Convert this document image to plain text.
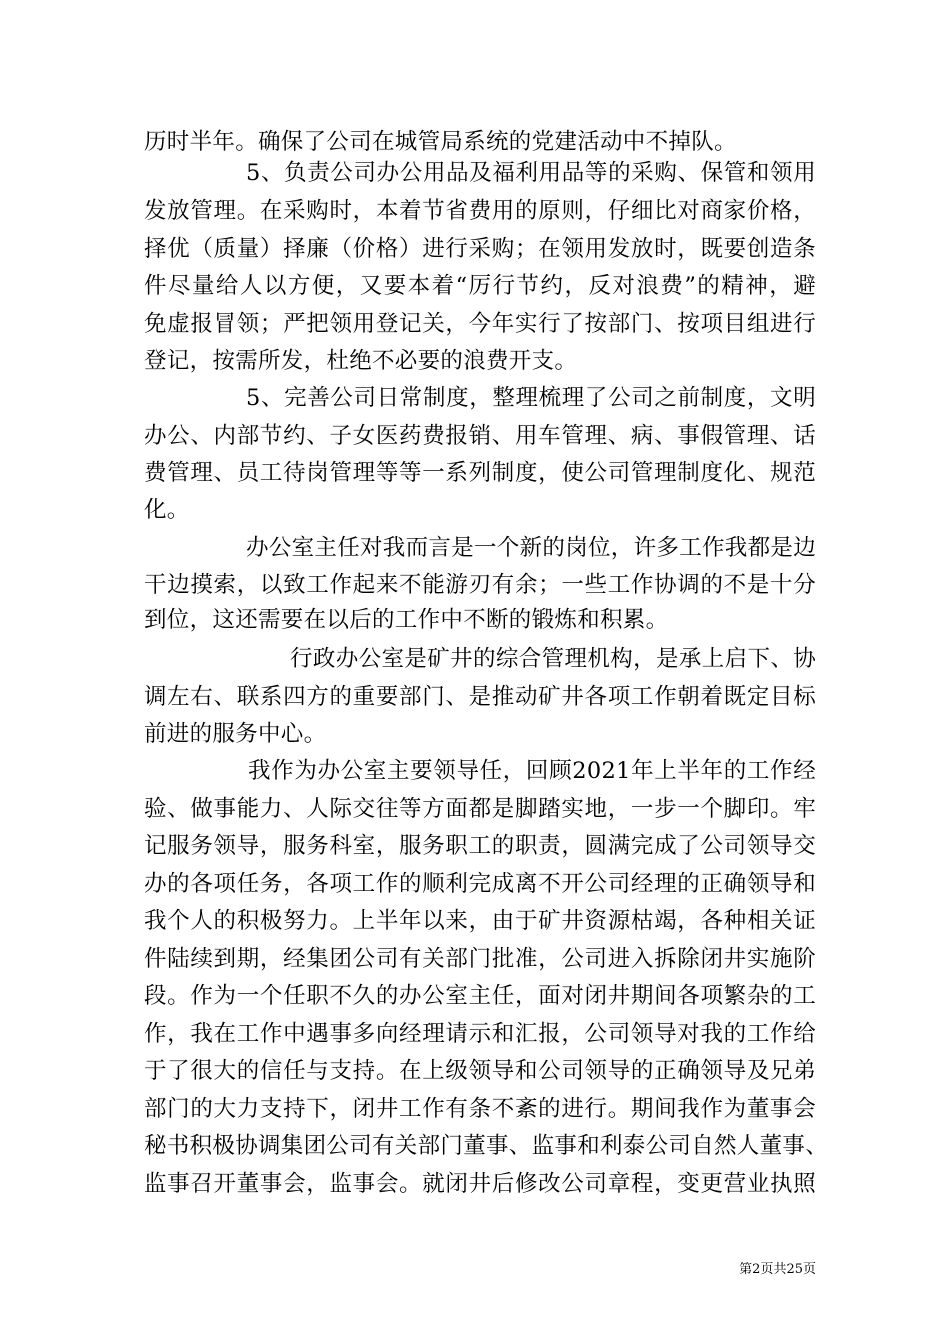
历时半年。确保了公司在城管局系统的党建活动中不掉队。
5、负责公司办公用品及福利用品等的采购、保管和领用
发放管理。在采购时，本着节省费用的原则，仔细比对商家价格，
择优（质量）择廉（价格）进行采购；在领用发放时，既要创造条
件尽量给人以方便，又要本着“厉行节约，反对浪费”的精神，避
免虚报冒领；严把领用登记关，今年实行了按部门、按项目组进行
登记，按需所发，杜绝不必要的浪费开支。
5、完善公司日常制度，整理梳理了公司之前制度，文明
办公、内部节约、子女医药费报销、用车管理、病、事假管理、话
费管理、员工待岗管理等等一系列制度，使公司管理制度化、规范
化。
办公室主任对我而言是一个新的岗位，许多工作我都是边
干边摸索，以致工作起来不能游刃有余；一些工作协调的不是十分
到位，这还需要在以后的工作中不断的锻炼和积累。
行政办公室是矿井的综合管理机构，是承上启下、协
调左右、联系四方的重要部门、是推动矿井各项工作朝着既定目标
前进的服务中心。
我作为办公室主要领导任，回顾2021年上半年的工作经
验、做事能力、人际交往等方面都是脚踏实地，一步一个脚印。牢
记服务领导，服务科室，服务职工的职责，圆满完成了公司领导交
办的各项任务，各项工作的顺利完成离不开公司经理的正确领导和
我个人的积极努力。上半年以来，由于矿井资源枯竭，各种相关证
件陆续到期，经集团公司有关部门批准，公司进入拆除闭井实施阶
段。作为一个任职不久的办公室主任，面对闭井期间各项繁杂的工
作，我在工作中遇事多向经理请示和汇报，公司领导对我的工作给
于了很大的信任与支持。在上级领导和公司领导的正确领导及兄弟
部门的大力支持下，闭井工作有条不紊的进行。期间我作为董事会
秘书积极协调集团公司有关部门董事、监事和利泰公司自然人董事、
监事召开董事会，监事会。就闭井后修改公司章程，变更营业执照
第2页共25页
